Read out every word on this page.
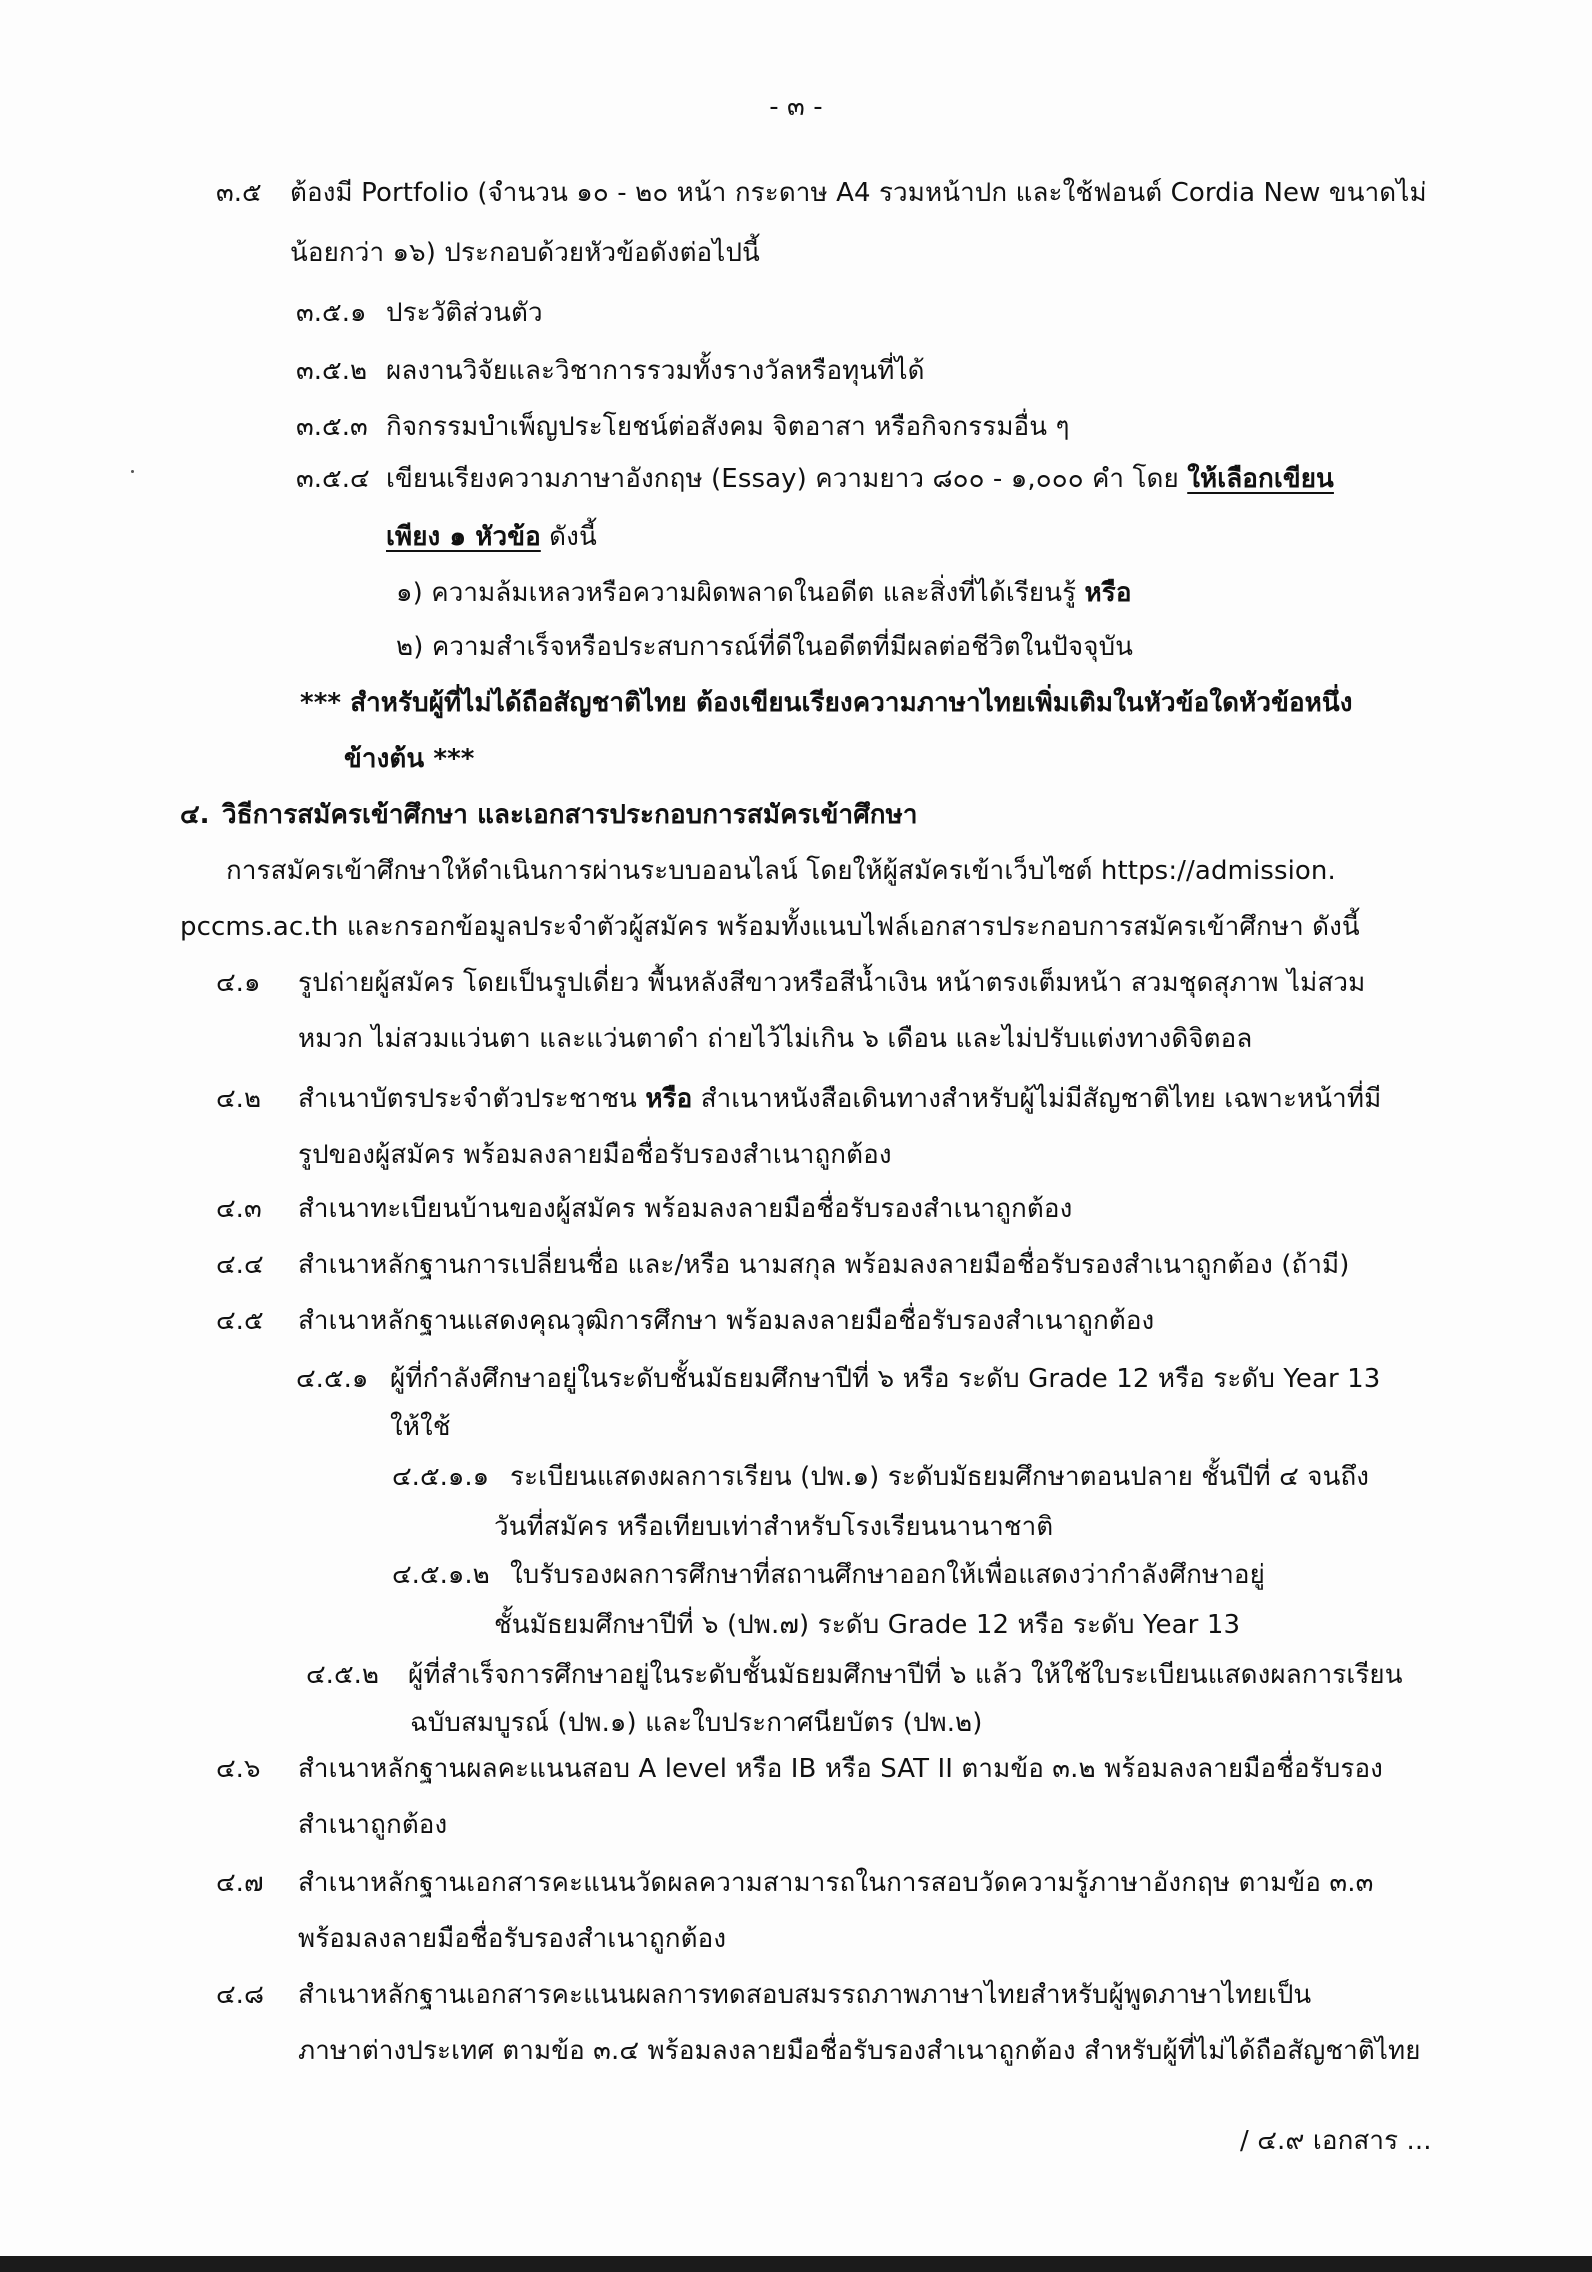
- ๓ -
๓.๕ ต้องมี Portfolio (จำนวน ๑๐ - ๒๐ หน้า กระดาษ A4 รวมหน้าปก และใช้ฟอนต์ Cordia New ขนาดไม่
น้อยกว่า ๑๖) ประกอบด้วยหัวข้อดังต่อไปนี้
๓.๕.๑ ประวัติส่วนตัว
๓.๕.๒ ผลงานวิจัยและวิชาการรวมทั้งรางวัลหรือทุนที่ได้
๓.๕.๓ กิจกรรมบำเพ็ญประโยชน์ต่อสังคม จิตอาสา หรือกิจกรรมอื่น ๆ
๓.๕.๔ เขียนเรียงความภาษาอังกฤษ (Essay) ความยาว ๘๐๐ - ๑,๐๐๐ คำ โดย ให้เลือกเขียน
เพียง ๑ หัวข้อ ดังนี้
๑) ความล้มเหลวหรือความผิดพลาดในอดีต และสิ่งที่ได้เรียนรู้ หรือ
๒) ความสำเร็จหรือประสบการณ์ที่ดีในอดีตที่มีผลต่อชีวิตในปัจจุบัน
*** สำหรับผู้ที่ไม่ได้ถือสัญชาติไทย ต้องเขียนเรียงความภาษาไทยเพิ่มเติมในหัวข้อใดหัวข้อหนึ่ง
ข้างต้น ***
๔. วิธีการสมัครเข้าศึกษา และเอกสารประกอบการสมัครเข้าศึกษา
การสมัครเข้าศึกษาให้ดำเนินการผ่านระบบออนไลน์ โดยให้ผู้สมัครเข้าเว็บไซต์ https://admission.
pccms.ac.th และกรอกข้อมูลประจำตัวผู้สมัคร พร้อมทั้งแนบไฟล์เอกสารประกอบการสมัครเข้าศึกษา ดังนี้
๔.๑ รูปถ่ายผู้สมัคร โดยเป็นรูปเดี่ยว พื้นหลังสีขาวหรือสีน้ำเงิน หน้าตรงเต็มหน้า สวมชุดสุภาพ ไม่สวม
หมวก ไม่สวมแว่นตา และแว่นตาดำ ถ่ายไว้ไม่เกิน ๖ เดือน และไม่ปรับแต่งทางดิจิตอล
๔.๒ สำเนาบัตรประจำตัวประชาชน หรือ สำเนาหนังสือเดินทางสำหรับผู้ไม่มีสัญชาติไทย เฉพาะหน้าที่มี
รูปของผู้สมัคร พร้อมลงลายมือชื่อรับรองสำเนาถูกต้อง
๔.๓ สำเนาทะเบียนบ้านของผู้สมัคร พร้อมลงลายมือชื่อรับรองสำเนาถูกต้อง
๔.๔ สำเนาหลักฐานการเปลี่ยนชื่อ และ/หรือ นามสกุล พร้อมลงลายมือชื่อรับรองสำเนาถูกต้อง (ถ้ามี)
๔.๕ สำเนาหลักฐานแสดงคุณวุฒิการศึกษา พร้อมลงลายมือชื่อรับรองสำเนาถูกต้อง
๔.๕.๑ ผู้ที่กำลังศึกษาอยู่ในระดับชั้นมัธยมศึกษาปีที่ ๖ หรือ ระดับ Grade 12 หรือ ระดับ Year 13
ให้ใช้
๔.๕.๑.๑ ระเบียนแสดงผลการเรียน (ปพ.๑) ระดับมัธยมศึกษาตอนปลาย ชั้นปีที่ ๔ จนถึง
วันที่สมัคร หรือเทียบเท่าสำหรับโรงเรียนนานาชาติ
๔.๕.๑.๒ ใบรับรองผลการศึกษาที่สถานศึกษาออกให้เพื่อแสดงว่ากำลังศึกษาอยู่
ชั้นมัธยมศึกษาปีที่ ๖ (ปพ.๗) ระดับ Grade 12 หรือ ระดับ Year 13
๔.๕.๒ ผู้ที่สำเร็จการศึกษาอยู่ในระดับชั้นมัธยมศึกษาปีที่ ๖ แล้ว ให้ใช้ใบระเบียนแสดงผลการเรียน
ฉบับสมบูรณ์ (ปพ.๑) และใบประกาศนียบัตร (ปพ.๒)
๔.๖ สำเนาหลักฐานผลคะแนนสอบ A level หรือ IB หรือ SAT II ตามข้อ ๓.๒ พร้อมลงลายมือชื่อรับรอง
สำเนาถูกต้อง
๔.๗ สำเนาหลักฐานเอกสารคะแนนวัดผลความสามารถในการสอบวัดความรู้ภาษาอังกฤษ ตามข้อ ๓.๓
พร้อมลงลายมือชื่อรับรองสำเนาถูกต้อง
๔.๘ สำเนาหลักฐานเอกสารคะแนนผลการทดสอบสมรรถภาพภาษาไทยสำหรับผู้พูดภาษาไทยเป็น
ภาษาต่างประเทศ ตามข้อ ๓.๔ พร้อมลงลายมือชื่อรับรองสำเนาถูกต้อง สำหรับผู้ที่ไม่ได้ถือสัญชาติไทย
/ ๔.๙ เอกสาร ...
